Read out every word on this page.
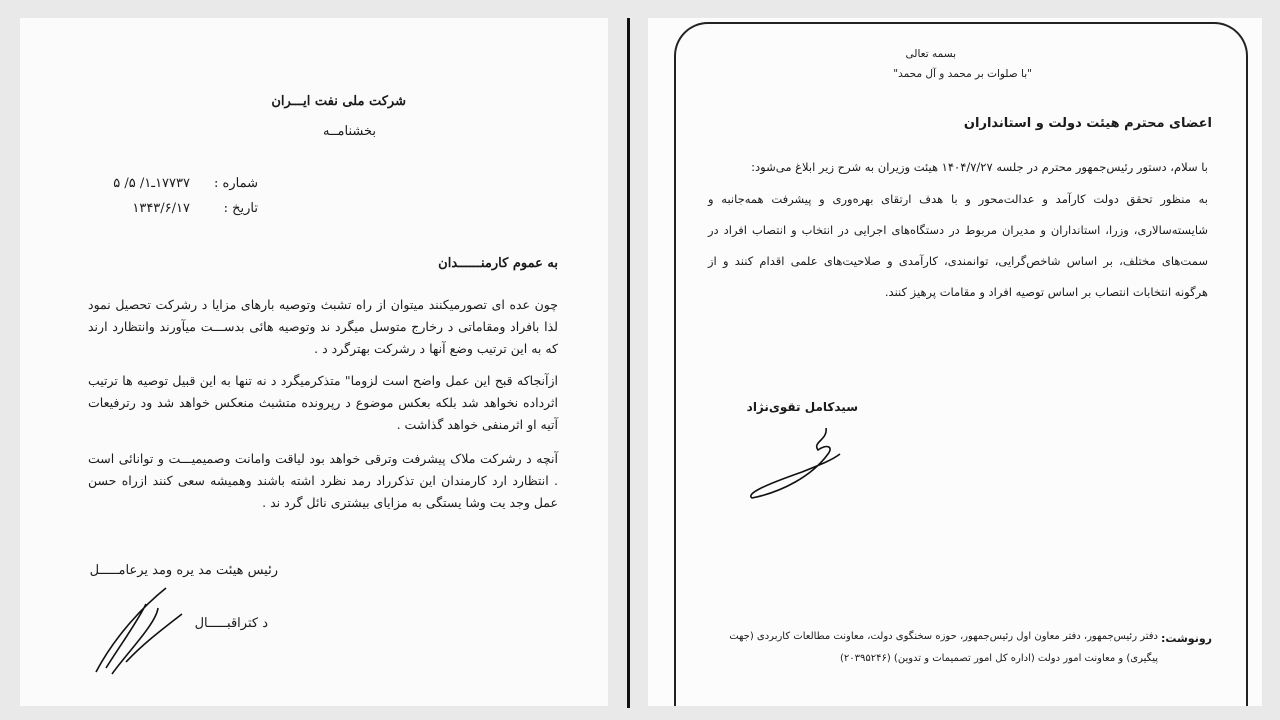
شرکت ملی نفت ایـــران
بخشنامــه
شماره :
۱۷۷۳۷ـ۱/ ۵/ ۵
تاریخ :
۱۳۴۳/۶/۱۷
به عموم کارمنــــــدان
چون عده ای تصورمیکنند میتوان از راه تشبث وتوصیه بارهای مزایا د رشرکت تحصیل نمود لذا بافراد ومقاماتی د رخارج متوسل میگرد ند وتوصیه هائی بدســـت میآورند وانتظارد ارند که به این ترتیب وضع آنها د رشرکت بهترگرد د .
ازآنجاکه قبح این عمل واضح است لزوما" متذکرمیگرد د نه تنها به این قبیل توصیه ها ترتیب اثرداده نخواهد شد بلکه بعکس موضوع د رپرونده متشبث منعکس خواهد شد ود رترفیعات آتیه او اثرمنفی خواهد گذاشت .
آنچه د رشرکت ملاک پیشرفت وترقی خواهد بود لیاقت وامانت وصمیمیـــت و توانائی است . انتظارد ارد کارمندان این تذکرراد رمد نظرد اشته باشند وهمیشه سعی کنند ازراه حسن عمل وجد یت وشا یستگی به مزایای بیشتری نائل گرد ند .
رئیس هیئت مد یره ومد یرعامـــــل
د کتراقبـــــال
بسمه تعالی
"با صلوات بر محمد و آل محمد"
اعضای محترم هیئت دولت و استانداران
با سلام، دستور رئیس‌جمهور محترم در جلسه ۱۴۰۴/۷/۲۷ هیئت وزیران به شرح زیر ابلاغ می‌شود:
به منظور تحقق دولت کارآمد و عدالت‌محور و با هدف ارتقای بهره‌وری و پیشرفت همه‌جانبه و شایسته‌سالاری، وزرا، استانداران و مدیران مربوط در دستگاه‌های اجرایی در انتخاب و انتصاب افراد در سمت‌های مختلف، بر اساس شاخص‌گرایی، توانمندی، کارآمدی و صلاحیت‌های علمی اقدام کنند و از هرگونه انتخابات انتصاب بر اساس توصیه افراد و مقامات پرهیز کنند.
سیدکامل تقوی‌نژاد
رونوشت:
دفتر رئیس‌جمهور، دفتر معاون اول رئیس‌جمهور، حوزه سخنگوی دولت، معاونت مطالعات کاربردی (جهت پیگیری) و معاونت امور دولت (اداره کل امور تصمیمات و تدوین) (۲۰۳۹۵۲۴۶)
